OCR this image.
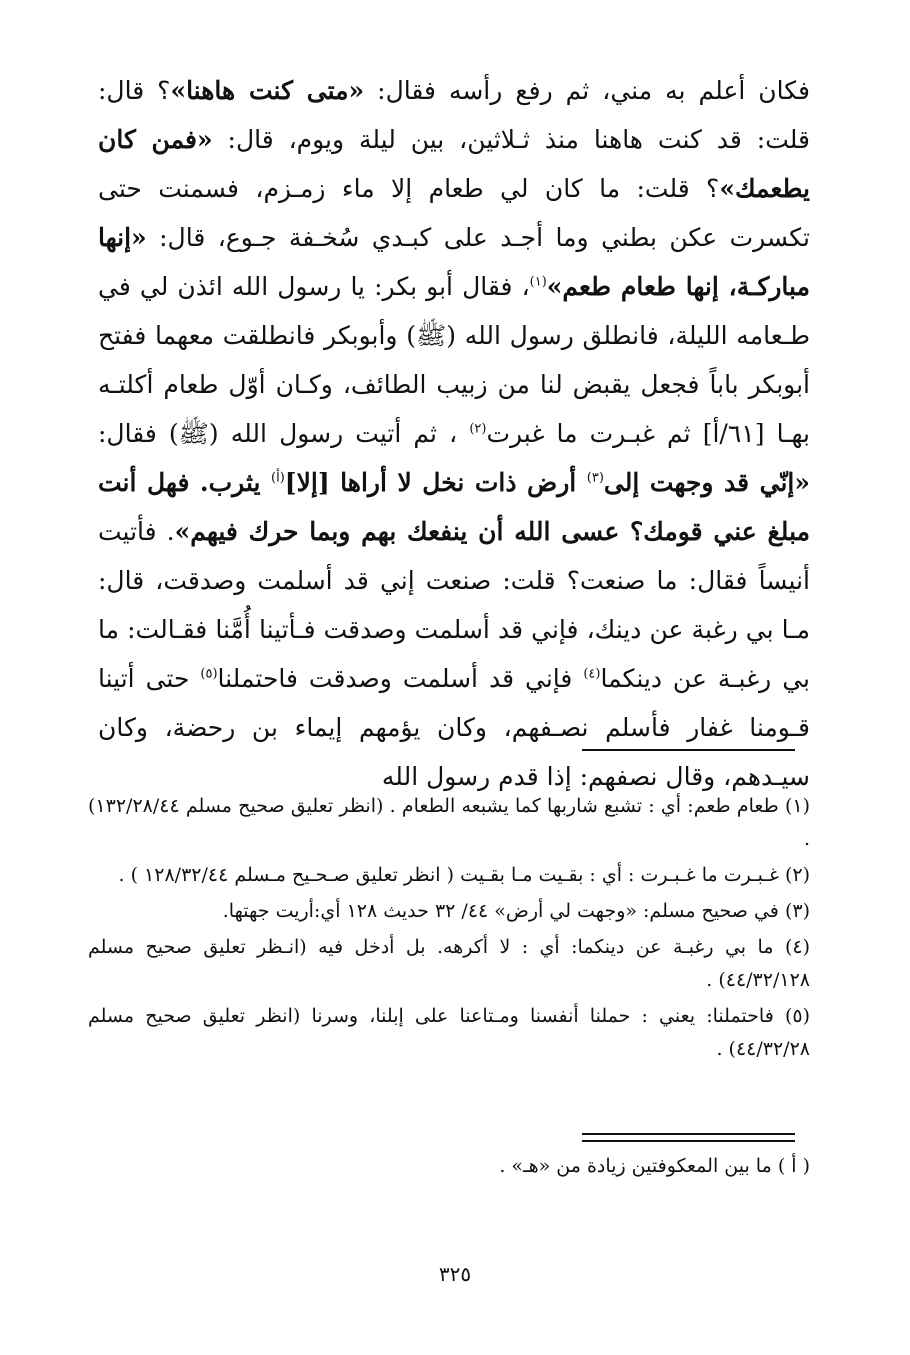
فكان أعلم به مني، ثم رفع رأسه فقال: «متى كنت هاهنا»؟ قال: قلت: قد كنت هاهنا منذ ثـلاثين، بين ليلة ويوم، قال: «فمن كان يطعمك»؟ قلت: ما كان لي طعام إلا ماء زمـزم، فسمنت حتى تكسرت عكن بطني وما أجـد على كبـدي سُخـفة جـوع، قال: «إنها مباركـة، إنها طعام طعم»$^{(١)}$، فقال أبو بكر: يا رسول الله ائذن لي في طـعامه الليلة، فانطلق رسول الله (ﷺ) وأبوبكر فانطلقت معهما ففتح أبوبكر باباً فجعل يقبض لنا من زبيب الطائف، وكـان أوّل طعام أكلتـه بهـا [٦١/أ] ثم غبـرت ما غبرت$^{(٢)}$ ، ثم أتيت رسول الله (ﷺ) فقال: «إنّي قد وجهت إلى$^{(٣)}$ أرض ذات نخل لا أراها [إلا]$^{(أ)}$ يثرب. فهل أنت مبلغ عني قومك؟ عسى الله أن ينفعك بهم وبما حرك فيهم». فأتيت أنيساً فقال: ما صنعت؟ قلت: صنعت إني قد أسلمت وصدقت، قال: مـا بي رغبة عن دينك، فإني قد أسلمت وصدقت فـأتينا أُمَّنا فقـالت: ما بي رغبـة عن دينكما$^{(٤)}$ فإني قد أسلمت وصدقت فاحتملنا$^{(٥)}$ حتى أتينا قـومنا غفار فأسلم نصـفهم، وكان يؤمهم إيماء بن رحضة، وكان سيـدهم، وقال نصفهم: إذا قدم رسول الله

(١) طعام طعم: أي : تشبع شاربها كما يشبعه الطعام . (انظر تعليق صحيح مسلم ١٣٢/٢٨/٤٤) .

(٢) غـبـرت ما غـبـرت : أي : بقـيت مـا بقـيت ( انظر تعليق صـحـيح مـسلم ١٢٨/٣٢/٤٤ ) .

(٣) في صحيح مسلم: «وجهت لي أرض» ٤٤/ ٣٢ حديث ١٢٨ أي:أريت جهتها.

(٤) ما بي رغبـة عن دينكما: أي : لا أكرهه. بل أدخل فيه (انـظر تعليق صحيح مسلم ٤٤/٣٢/١٢٨) .

(٥) فاحتملنا: يعني : حملنا أنفسنا ومـتاعنا على إبلنا، وسرنا (انظر تعليق صحيح مسلم ٤٤/٣٢/٢٨) .

( أ ) ما بين المعكوفتين زيادة من «هـ» .
٣٢٥
